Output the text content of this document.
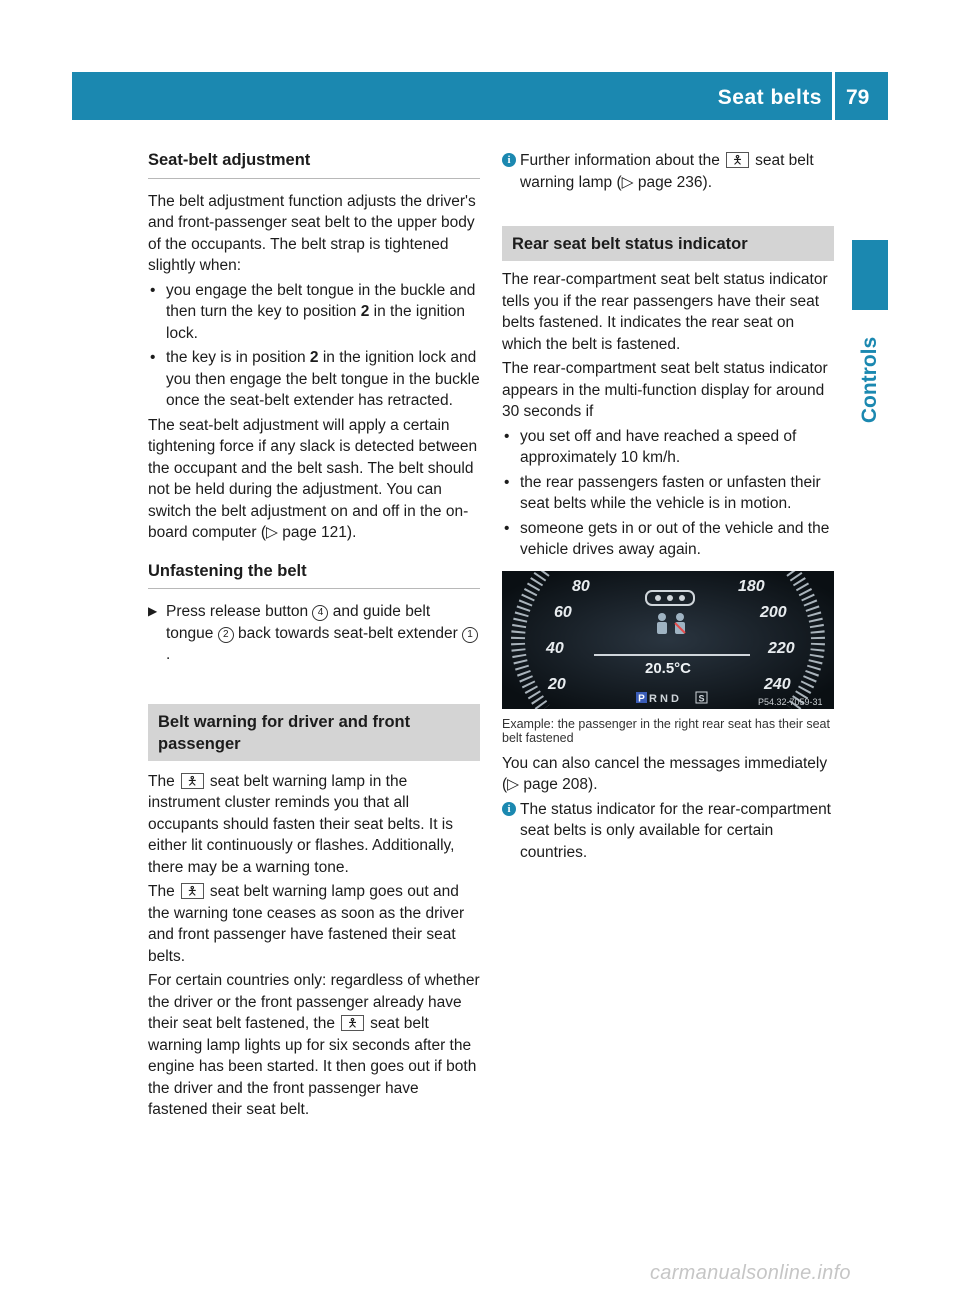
Seat belts 79
Controls
Seat-belt adjustment

The belt adjustment function adjusts the driver's and front-passenger seat belt to the upper body of the occupants. The belt strap is tightened slightly when:

• you engage the belt tongue in the buckle and then turn the key to position 2 in the ignition lock.
• the key is in position 2 in the ignition lock and you then engage the belt tongue in the buckle once the seat-belt extender has retracted.

The seat-belt adjustment will apply a certain tightening force if any slack is detected between the occupant and the belt sash. The belt should not be held during the adjustment. You can switch the belt adjustment on and off in the on-board computer (▷ page 121).

Unfastening the belt
▶ Press release button 4 and guide belt tongue 2 back towards seat-belt extender 1.
Belt warning for driver and front passenger

The 🯅 seat belt warning lamp in the instrument cluster reminds you that all occupants should fasten their seat belts. It is either lit continuously or flashes. Additionally, there may be a warning tone.

The 🯅 seat belt warning lamp goes out and the warning tone ceases as soon as the driver and front passenger have fastened their seat belts.

For certain countries only: regardless of whether the driver or the front passenger already have their seat belt fastened, the 🯅 seat belt warning lamp lights up for six seconds after the engine has been started. It then goes out if both the driver and the front passenger have fastened their seat belt.

i Further information about the 🯅 seat belt warning lamp (▷ page 236).
Rear seat belt status indicator

The rear-compartment seat belt status indicator tells you if the rear passengers have their seat belts fastened. It indicates the rear seat on which the belt is fastened.

The rear-compartment seat belt status indicator appears in the multi-function display for around 30 seconds if

• you set off and have reached a speed of approximately 10 km/h.
• the rear passengers fasten or unfasten their seat belts while the vehicle is in motion.
• someone gets in or out of the vehicle and the vehicle drives away again.
80
60
40
20
180
200
220
240
20.5°C
P R N D S	P54.32-7059-31
Example: the passenger in the right rear seat has their seat belt fastened

You can also cancel the messages immediately (▷ page 208).

i The status indicator for the rear-compartment seat belts is only available for certain countries.
carmanualsonline.info
